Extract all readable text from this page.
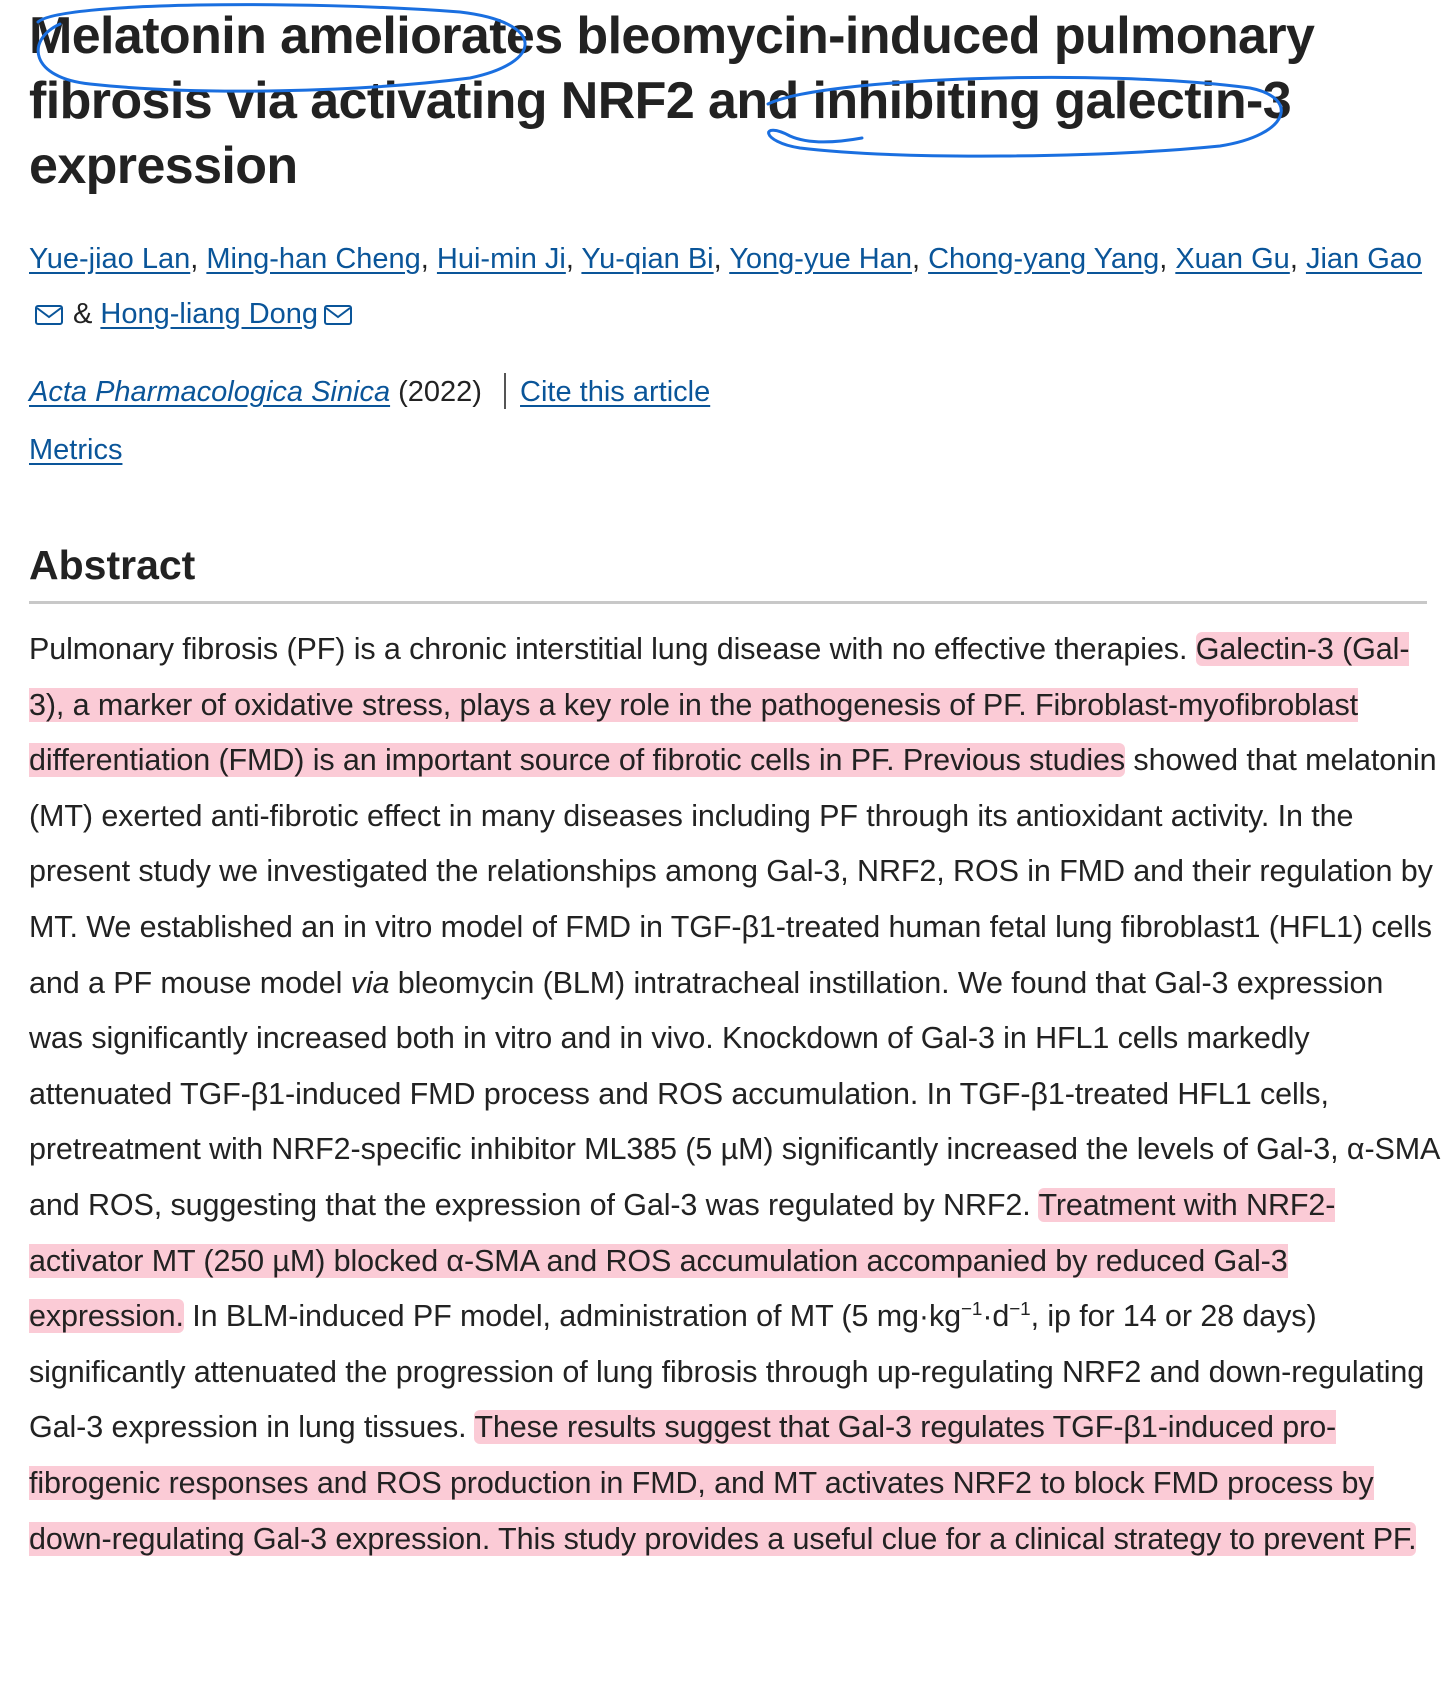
Melatonin ameliorates bleomycin-induced pulmonary fibrosis via activating NRF2 and inhibiting galectin-3 expression
Yue-jiao Lan, Ming-han Cheng, Hui-min Ji, Yu-qian Bi, Yong-yue Han, Chong-yang Yang, Xuan Gu, Jian Gao
& Hong-liang Dong
Acta Pharmacologica Sinica (2022) Cite this article
Metrics
Abstract

Pulmonary fibrosis (PF) is a chronic interstitial lung disease with no effective therapies. Galectin-3 (Gal-3), a marker of oxidative stress, plays a key role in the pathogenesis of PF. Fibroblast-myofibroblast differentiation (FMD) is an important source of fibrotic cells in PF. Previous studies showed that melatonin (MT) exerted anti-fibrotic effect in many diseases including PF through its antioxidant activity. In the present study we investigated the relationships among Gal-3, NRF2, ROS in FMD and their regulation by MT. We established an in vitro model of FMD in TGF-β1-treated human fetal lung fibroblast1 (HFL1) cells and a PF mouse model via bleomycin (BLM) intratracheal instillation. We found that Gal-3 expression was significantly increased both in vitro and in vivo. Knockdown of Gal-3 in HFL1 cells markedly attenuated TGF-β1-induced FMD process and ROS accumulation. In TGF-β1-treated HFL1 cells, pretreatment with NRF2-specific inhibitor ML385 (5 µM) significantly increased the levels of Gal-3, α-SMA and ROS, suggesting that the expression of Gal-3 was regulated by NRF2. Treatment with NRF2-activator MT (250 µM) blocked α-SMA and ROS accumulation accompanied by reduced Gal-3 expression. In BLM-induced PF model, administration of MT (5 $mg\cdot kg^{-1}\cdot d^{-1}$, ip for 14 or 28 days) significantly attenuated the progression of lung fibrosis through up-regulating NRF2 and down-regulating Gal-3 expression in lung tissues. These results suggest that Gal-3 regulates TGF-β1-induced pro-fibrogenic responses and ROS production in FMD, and MT activates NRF2 to block FMD process by down-regulating Gal-3 expression. This study provides a useful clue for a clinical strategy to prevent PF.
